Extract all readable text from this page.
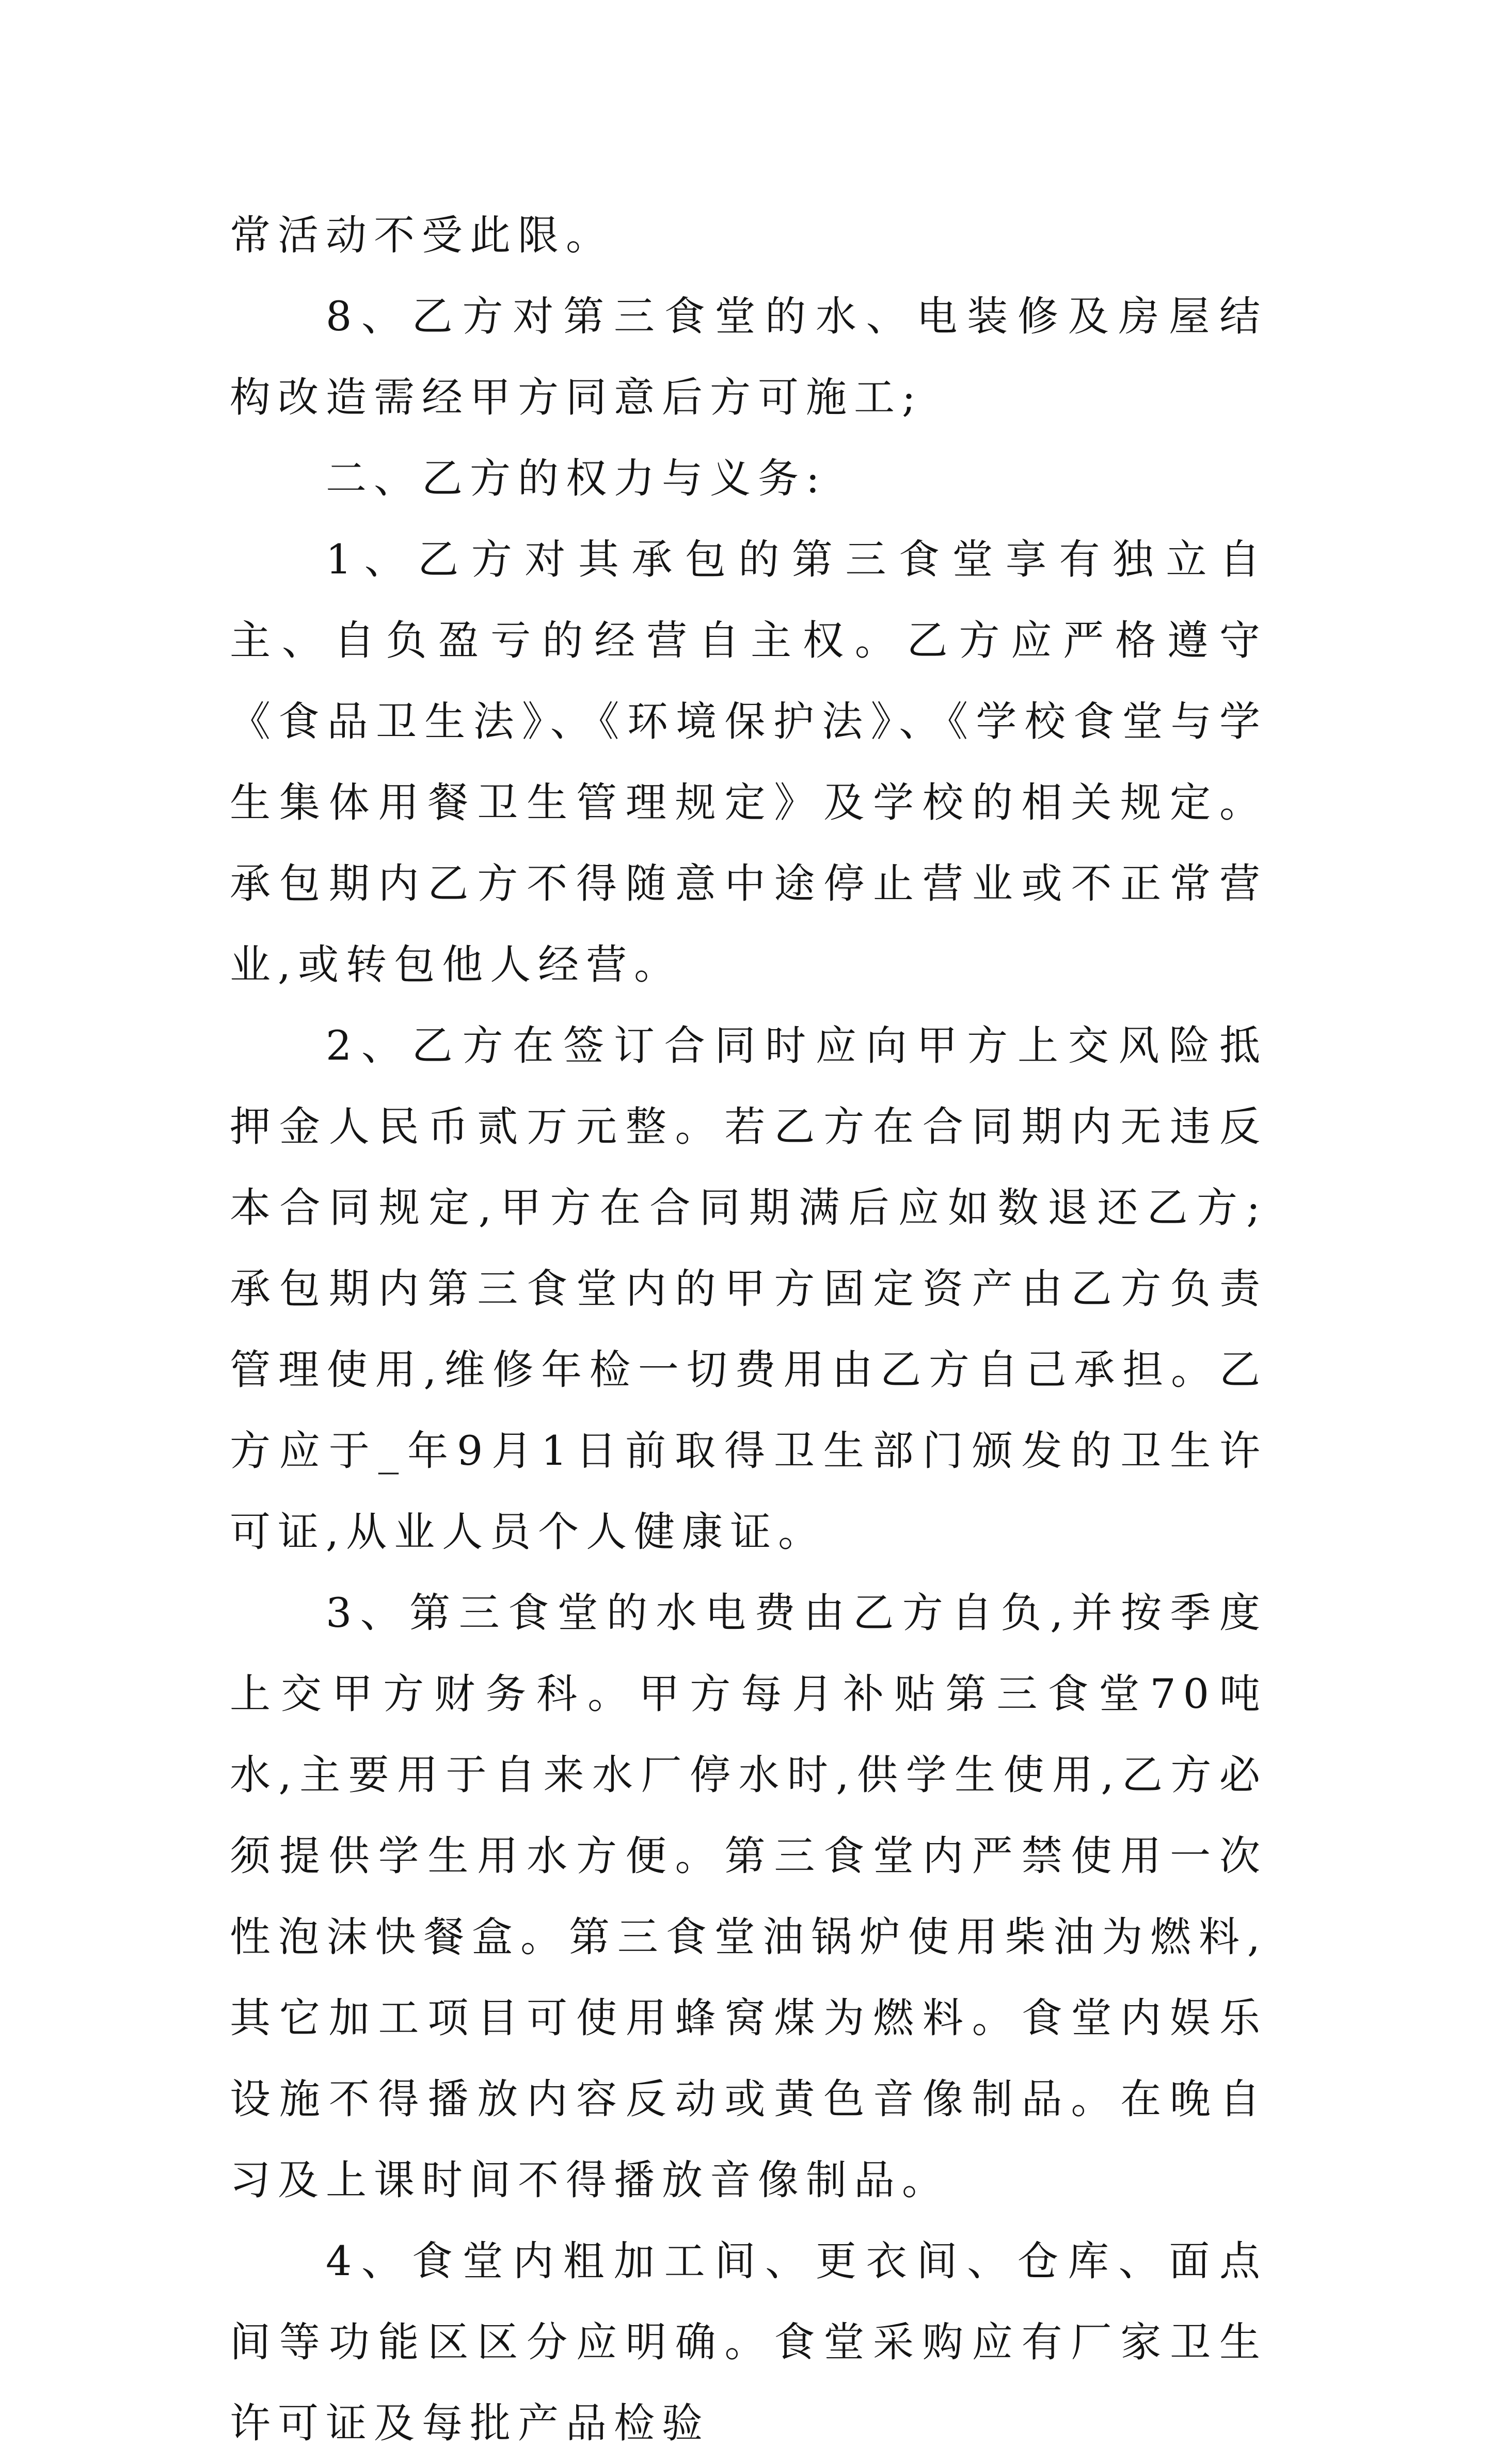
常活动不受此限。

8、乙方对第三食堂的水、电装修及房屋结构改造需经甲方同意后方可施工;

二、乙方的权力与义务:

1、乙方对其承包的第三食堂享有独立自主、自负盈亏的经营自主权。乙方应严格遵守《食品卫生法》、《环境保护法》、《学校食堂与学生集体用餐卫生管理规定》及学校的相关规定。承包期内乙方不得随意中途停止营业或不正常营业,或转包他人经营。

2、乙方在签订合同时应向甲方上交风险抵押金人民币贰万元整。若乙方在合同期内无违反本合同规定,甲方在合同期满后应如数退还乙方;承包期内第三食堂内的甲方固定资产由乙方负责管理使用,维修年检一切费用由乙方自己承担。乙方应于_年9月1日前取得卫生部门颁发的卫生许可证,从业人员个人健康证。

3、第三食堂的水电费由乙方自负,并按季度上交甲方财务科。甲方每月补贴第三食堂70吨水,主要用于自来水厂停水时,供学生使用,乙方必须提供学生用水方便。第三食堂内严禁使用一次性泡沫快餐盒。第三食堂油锅炉使用柴油为燃料,其它加工项目可使用蜂窝煤为燃料。食堂内娱乐设施不得播放内容反动或黄色音像制品。在晚自习及上课时间不得播放音像制品。

4、食堂内粗加工间、更衣间、仓库、面点间等功能区区分应明确。食堂采购应有厂家卫生许可证及每批产品检验
